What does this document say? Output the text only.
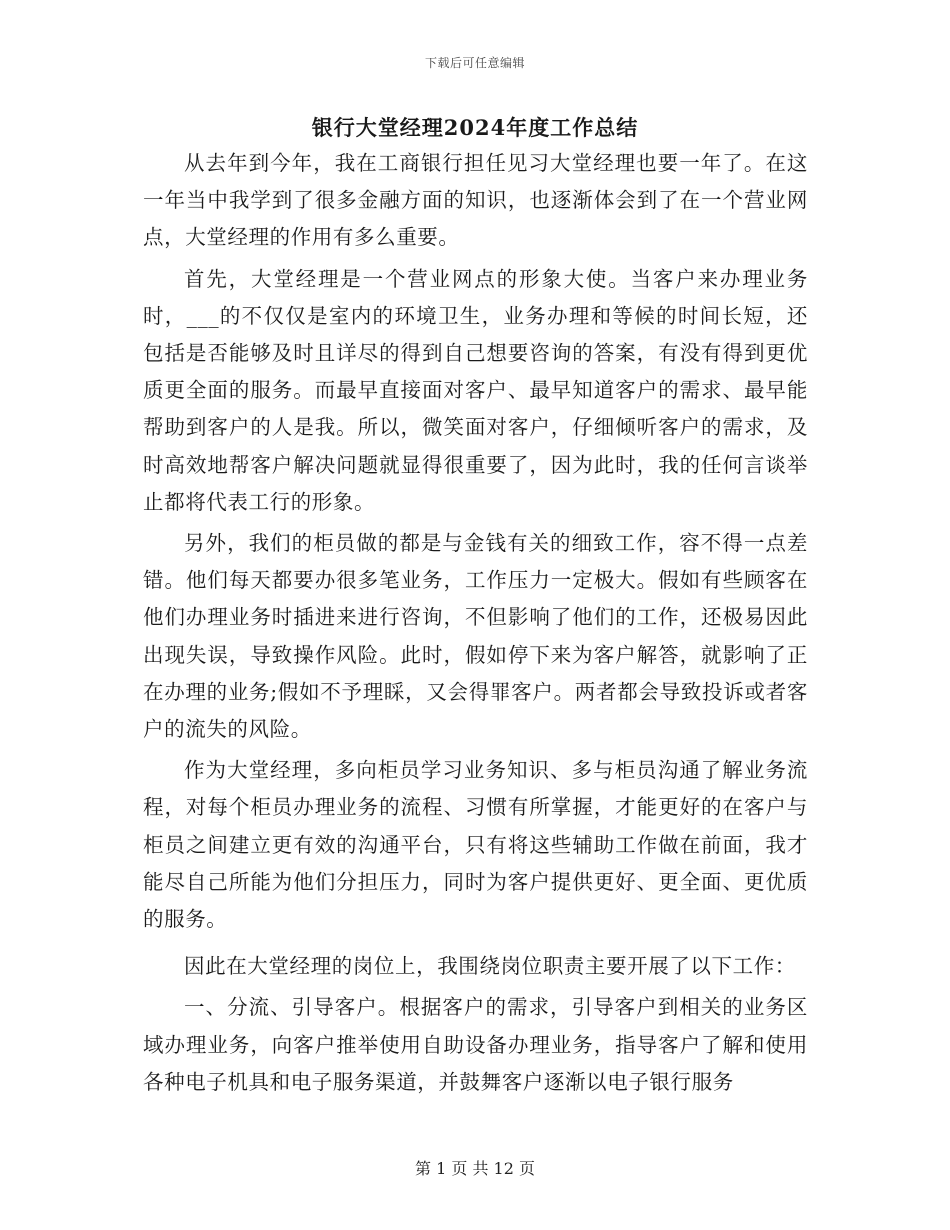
下载后可任意编辑
银行大堂经理2024年度工作总结

从去年到今年，我在工商银行担任见习大堂经理也要一年了。在这一年当中我学到了很多金融方面的知识，也逐渐体会到了在一个营业网点，大堂经理的作用有多么重要。

首先，大堂经理是一个营业网点的形象大使。当客户来办理业务时，___的不仅仅是室内的环境卫生，业务办理和等候的时间长短，还包括是否能够及时且详尽的得到自己想要咨询的答案，有没有得到更优质更全面的服务。而最早直接面对客户、最早知道客户的需求、最早能帮助到客户的人是我。所以，微笑面对客户，仔细倾听客户的需求，及时高效地帮客户解决问题就显得很重要了，因为此时，我的任何言谈举止都将代表工行的形象。

另外，我们的柜员做的都是与金钱有关的细致工作，容不得一点差错。他们每天都要办很多笔业务，工作压力一定极大。假如有些顾客在他们办理业务时插进来进行咨询，不但影响了他们的工作，还极易因此出现失误，导致操作风险。此时，假如停下来为客户解答，就影响了正在办理的业务;假如不予理睬，又会得罪客户。两者都会导致投诉或者客户的流失的风险。

作为大堂经理，多向柜员学习业务知识、多与柜员沟通了解业务流程，对每个柜员办理业务的流程、习惯有所掌握，才能更好的在客户与柜员之间建立更有效的沟通平台，只有将这些辅助工作做在前面，我才能尽自己所能为他们分担压力，同时为客户提供更好、更全面、更优质的服务。

因此在大堂经理的岗位上，我围绕岗位职责主要开展了以下工作：

一、分流、引导客户。根据客户的需求，引导客户到相关的业务区域办理业务，向客户推举使用自助设备办理业务，指导客户了解和使用各种电子机具和电子服务渠道，并鼓舞客户逐渐以电子银行服务

第 1 页 共 12 页
